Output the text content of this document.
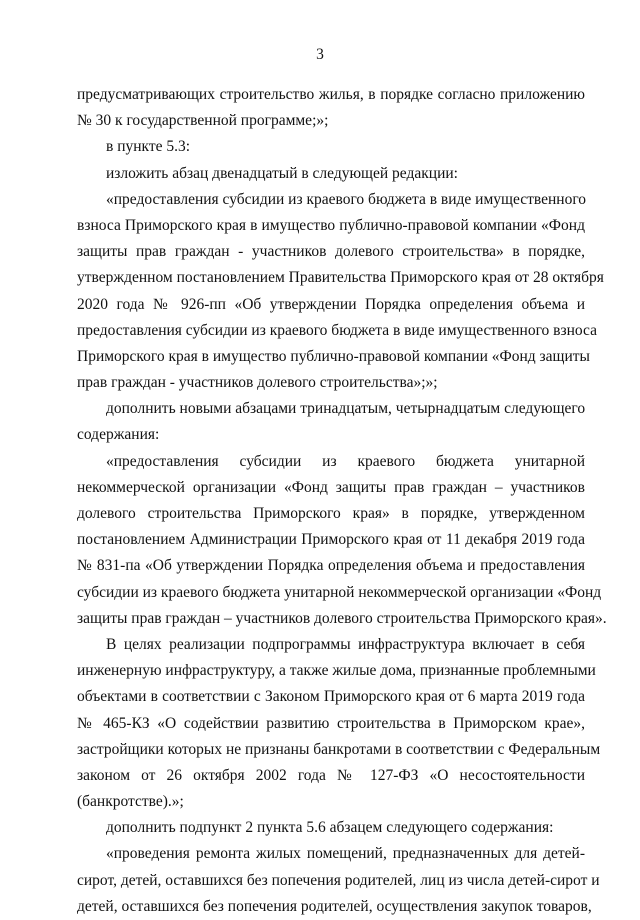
3
предусматривающих строительство жилья, в порядке согласно приложению
№ 30 к государственной программе;»;
в пункте 5.3:
изложить абзац двенадцатый в следующей редакции:
«предоставления субсидии из краевого бюджета в виде имущественного
взноса Приморского края в имущество публично-правовой компании «Фонд
защиты прав граждан - участников долевого строительства» в порядке,
утвержденном постановлением Правительства Приморского края от 28 октября
2020 года № 926-пп «Об утверждении Порядка определения объема и
предоставления субсидии из краевого бюджета в виде имущественного взноса
Приморского края в имущество публично-правовой компании «Фонд защиты
прав граждан - участников долевого строительства»;»;
дополнить новыми абзацами тринадцатым, четырнадцатым следующего
содержания:
«предоставления субсидии из краевого бюджета унитарной
некоммерческой организации «Фонд защиты прав граждан – участников
долевого строительства Приморского края» в порядке, утвержденном
постановлением Администрации Приморского края от 11 декабря 2019 года
№ 831-па «Об утверждении Порядка определения объема и предоставления
субсидии из краевого бюджета унитарной некоммерческой организации «Фонд
защиты прав граждан – участников долевого строительства Приморского края».
В целях реализации подпрограммы инфраструктура включает в себя
инженерную инфраструктуру, а также жилые дома, признанные проблемными
объектами в соответствии с Законом Приморского края от 6 марта 2019 года
№ 465-КЗ «О содействии развитию строительства в Приморском крае»,
застройщики которых не признаны банкротами в соответствии с Федеральным
законом от 26 октября 2002 года № 127-ФЗ «О несостоятельности
(банкротстве).»;
дополнить подпункт 2 пункта 5.6 абзацем следующего содержания:
«проведения ремонта жилых помещений, предназначенных для детей-
сирот, детей, оставшихся без попечения родителей, лиц из числа детей-сирот и
детей, оставшихся без попечения родителей, осуществления закупок товаров,
